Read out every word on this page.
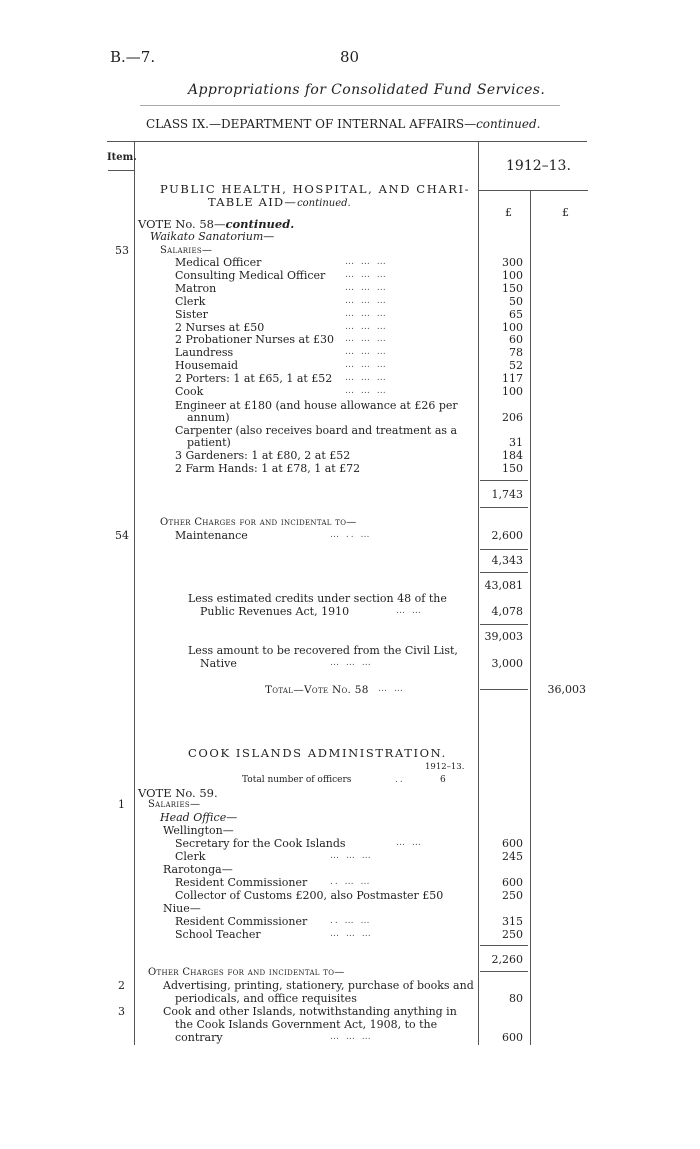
B.—7.	80
Appropriations for Consolidated Fund Services.
CLASS IX.—DEPARTMENT OF INTERNAL AFFAIRS—continued.
Item.
1912–13.
£	£
PUBLIC HEALTH, HOSPITAL, AND CHARI-
TABLE AID—continued.
VOTE No. 58—continued.
Waikato Sanatorium—
53	Salaries—
Medical Officer	… … …	300
Consulting Medical Officer … … …	100
Matron	… … …	150
Clerk	… … …	50
Sister	… … …	65
2 Nurses at £50	… … …	100
2 Probationer Nurses at £30 … … …	60
Laundress	… … …	78
Housemaid	… … …	52
2 Porters: 1 at £65, 1 at £52 … … …	117
Cook	… … …	100
Engineer at £180 (and house allowance at £26 per
annum)	206
Carpenter (also receives board and treatment as a
patient)	31
3 Gardeners: 1 at £80, 2 at £52	184
2 Farm Hands: 1 at £78, 1 at £72	150
1,743
Other Charges for and incidental to—
54	Maintenance	… .. …	2,600
4,343
43,081
Less estimated credits under section 48 of the
Public Revenues Act, 1910	… …	4,078
39,003
Less amount to be recovered from the Civil List,
Native	… … …	3,000
Total—Vote No. 58 … …	36,003
COOK ISLANDS ADMINISTRATION.
1912–13.
Total number of officers	..	6
VOTE No. 59.
1 Salaries—
Head Office—
Wellington—
Secretary for the Cook Islands	… …	600
Clerk	… … …	245
Rarotonga—
Resident Commissioner	.. … …	600
Collector of Customs £200, also Postmaster £50	250
Niue—
Resident Commissioner	.. … …	315
School Teacher	… … …	250
2,260
Other Charges for and incidental to—
2	Advertising, printing, stationery, purchase of books and
periodicals, and office requisites	80
3	Cook and other Islands, notwithstanding anything in
the Cook Islands Government Act, 1908, to the
contrary	… … …	600
